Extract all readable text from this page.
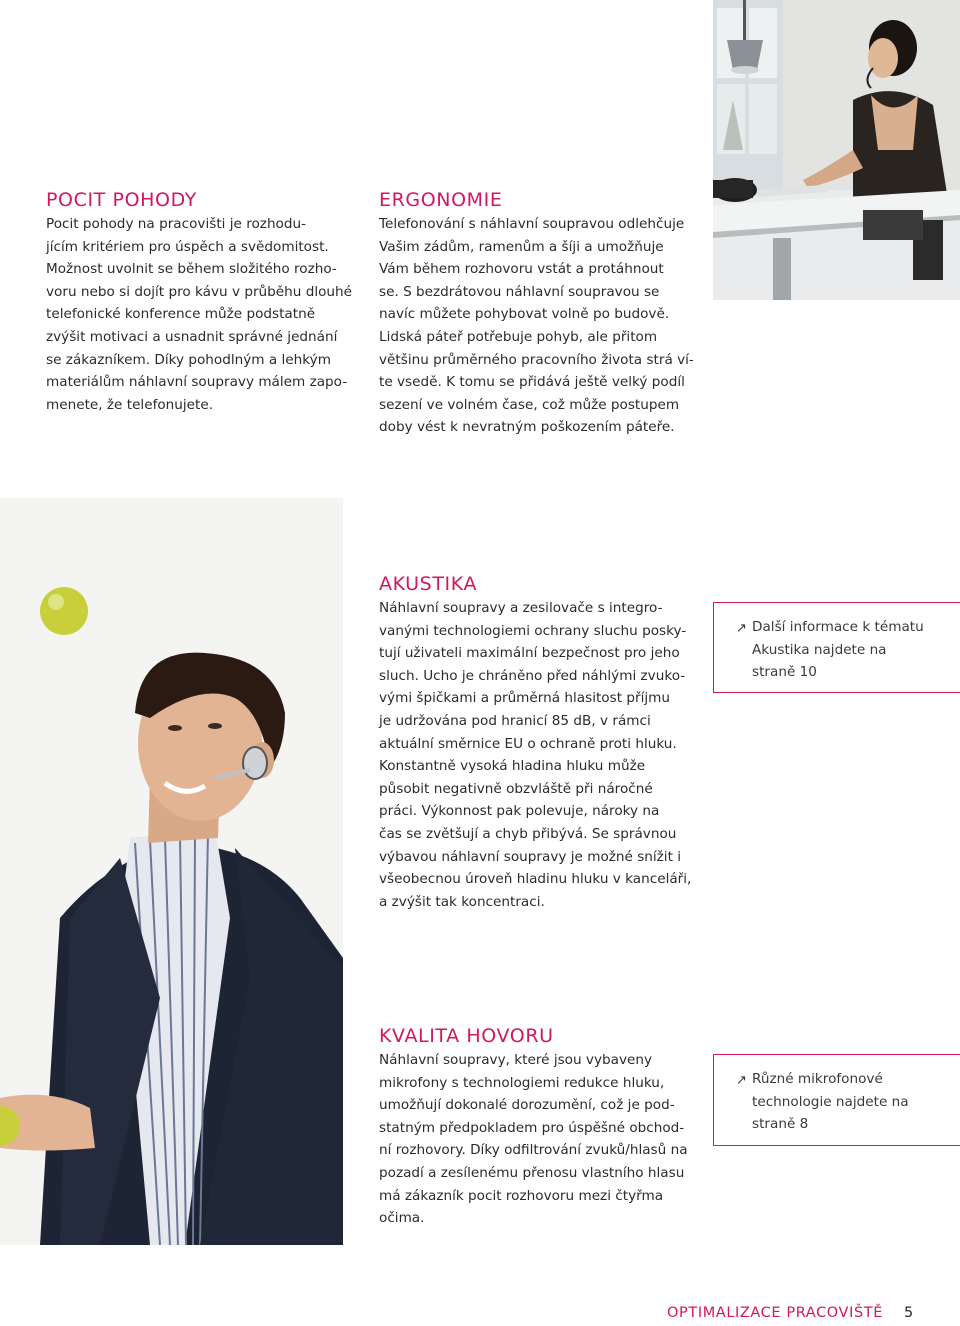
POCIT POHODY
Pocit pohody na pracovišti je rozhodu-
jícím kritériem pro úspěch a svědomitost.
Možnost uvolnit se během složitého rozho-
voru nebo si dojít pro kávu v průběhu dlouhé
telefonické konference může podstatně
zvýšit motivaci a usnadnit správné jednání
se zákazníkem. Díky pohodlným a lehkým
materiálům náhlavní soupravy málem zapo-
menete, že telefonujete.
ERGONOMIE
Telefonování s náhlavní soupravou odlehčuje
Vašim zádům, ramenům a šíji a umožňuje
Vám během rozhovoru vstát a protáhnout
se. S bezdrátovou náhlavní soupravou se
navíc můžete pohybovat volně po budově.
Lidská páteř potřebuje pohyb, ale přitom
většinu průměrného pracovního života strá ví-
te vsedě. K tomu se přidává ještě velký podíl
sezení ve volném čase, což může postupem
doby vést k nevratným poškozením páteře.
AKUSTIKA
Náhlavní soupravy a zesilovače s integro-
vanými technologiemi ochrany sluchu posky-
tují uživateli maximální bezpečnost pro jeho
sluch. Ucho je chráněno před náhlými zvuko-
vými špičkami a průměrná hlasitost příjmu
je udržována pod hranicí 85 dB, v rámci
aktuální směrnice EU o ochraně proti hluku.
Konstantně vysoká hladina hluku může
působit negativně obzvláště při náročné
práci. Výkonnost pak polevuje, nároky na
čas se zvětšují a chyb přibývá. Se správnou
výbavou náhlavní soupravy je možné snížit i
všeobecnou úroveň hladinu hluku v kanceláři,
a zvýšit tak koncentraci.
↗ Další informace k tématu
Akustika najdete na
straně 10
KVALITA HOVORU
Náhlavní soupravy, které jsou vybaveny
mikrofony s technologiemi redukce hluku,
umožňují dokonalé dorozumění, což je pod-
statným předpokladem pro úspěšné obchod-
ní rozhovory. Díky odfiltrování zvuků/hlasů na
pozadí a zesílenému přenosu vlastního hlasu
má zákazník pocit rozhovoru mezi čtyřma
očima.
↗ Různé mikrofonové
technologie najdete na
straně 8
OPTIMALIZACE PRACOVIŠTĚ 5
